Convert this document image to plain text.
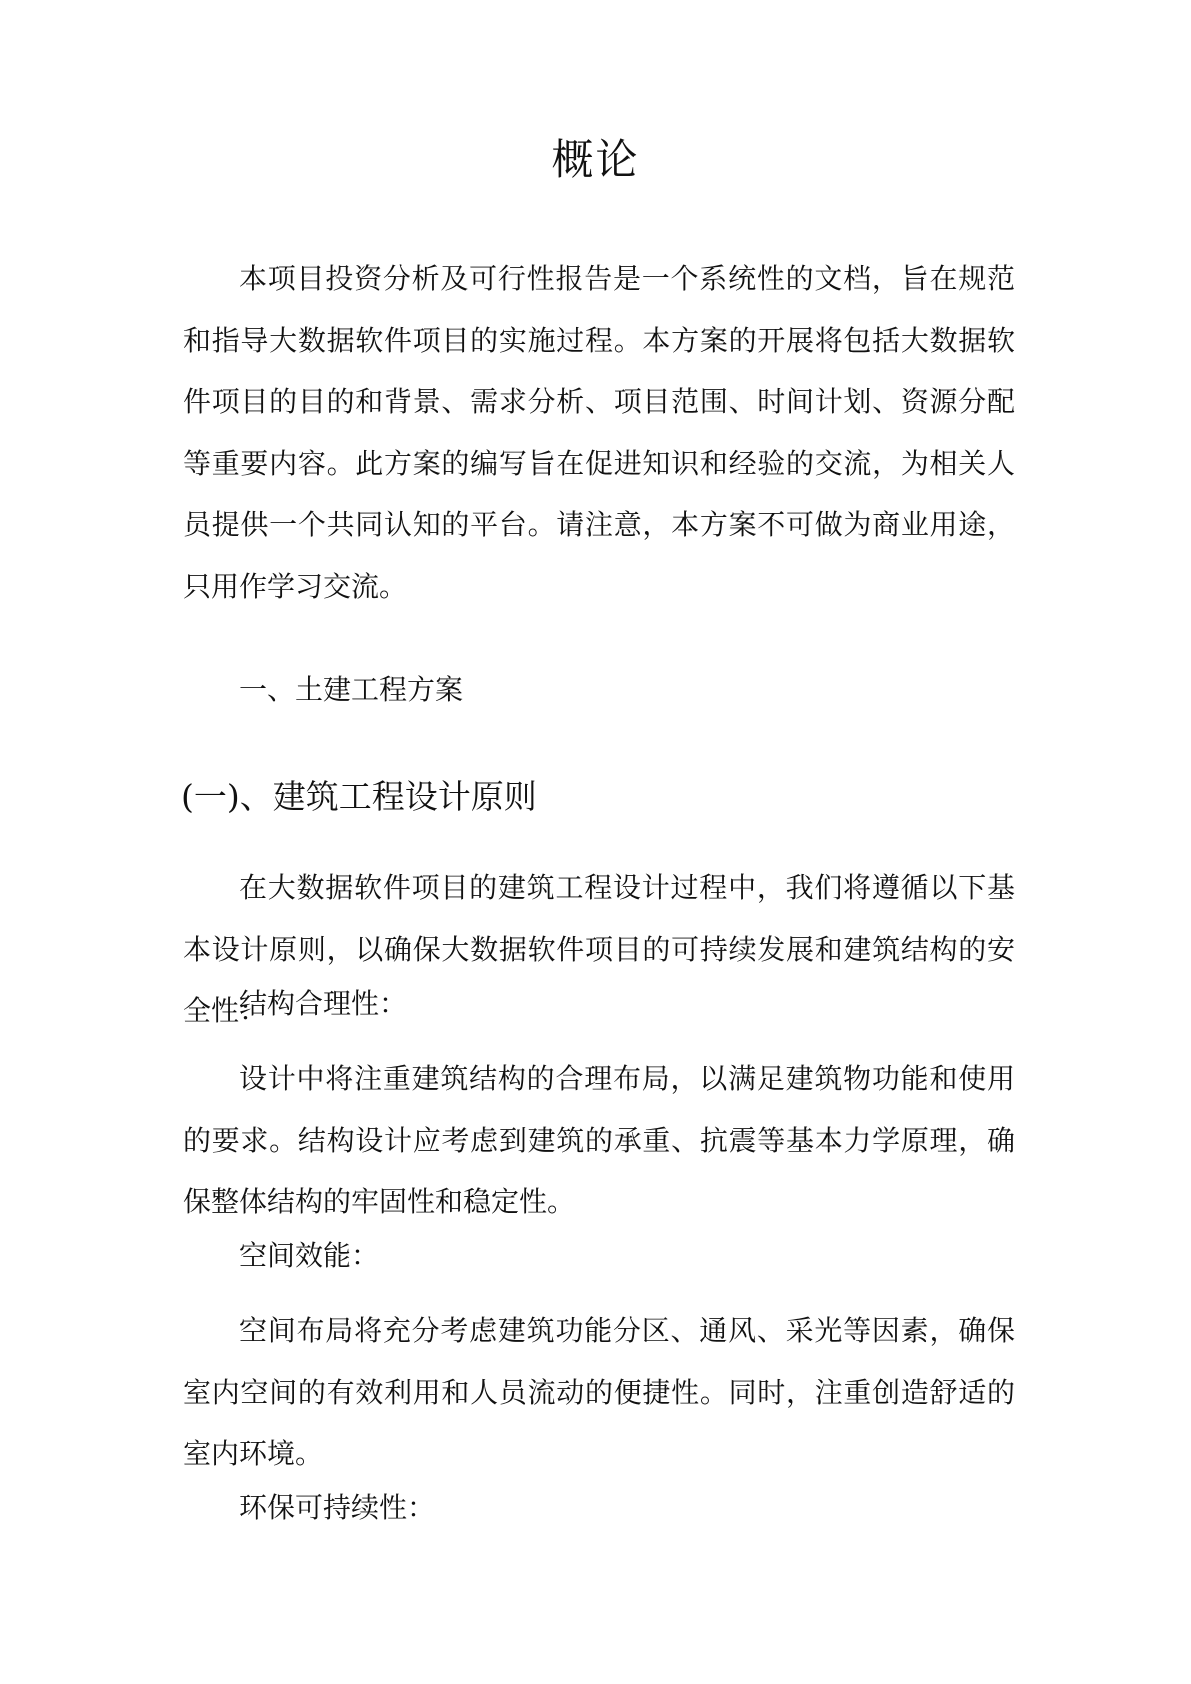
概论

本项目投资分析及可行性报告是一个系统性的文档，旨在规范和指导大数据软件项目的实施过程。本方案的开展将包括大数据软件项目的目的和背景、需求分析、项目范围、时间计划、资源分配等重要内容。此方案的编写旨在促进知识和经验的交流，为相关人员提供一个共同认知的平台。请注意，本方案不可做为商业用途，只用作学习交流。

一、土建工程方案

(一)、建筑工程设计原则

在大数据软件项目的建筑工程设计过程中，我们将遵循以下基本设计原则，以确保大数据软件项目的可持续发展和建筑结构的安全性：

结构合理性：

设计中将注重建筑结构的合理布局，以满足建筑物功能和使用的要求。结构设计应考虑到建筑的承重、抗震等基本力学原理，确保整体结构的牢固性和稳定性。

空间效能：

空间布局将充分考虑建筑功能分区、通风、采光等因素，确保室内空间的有效利用和人员流动的便捷性。同时，注重创造舒适的室内环境。

环保可持续性：
